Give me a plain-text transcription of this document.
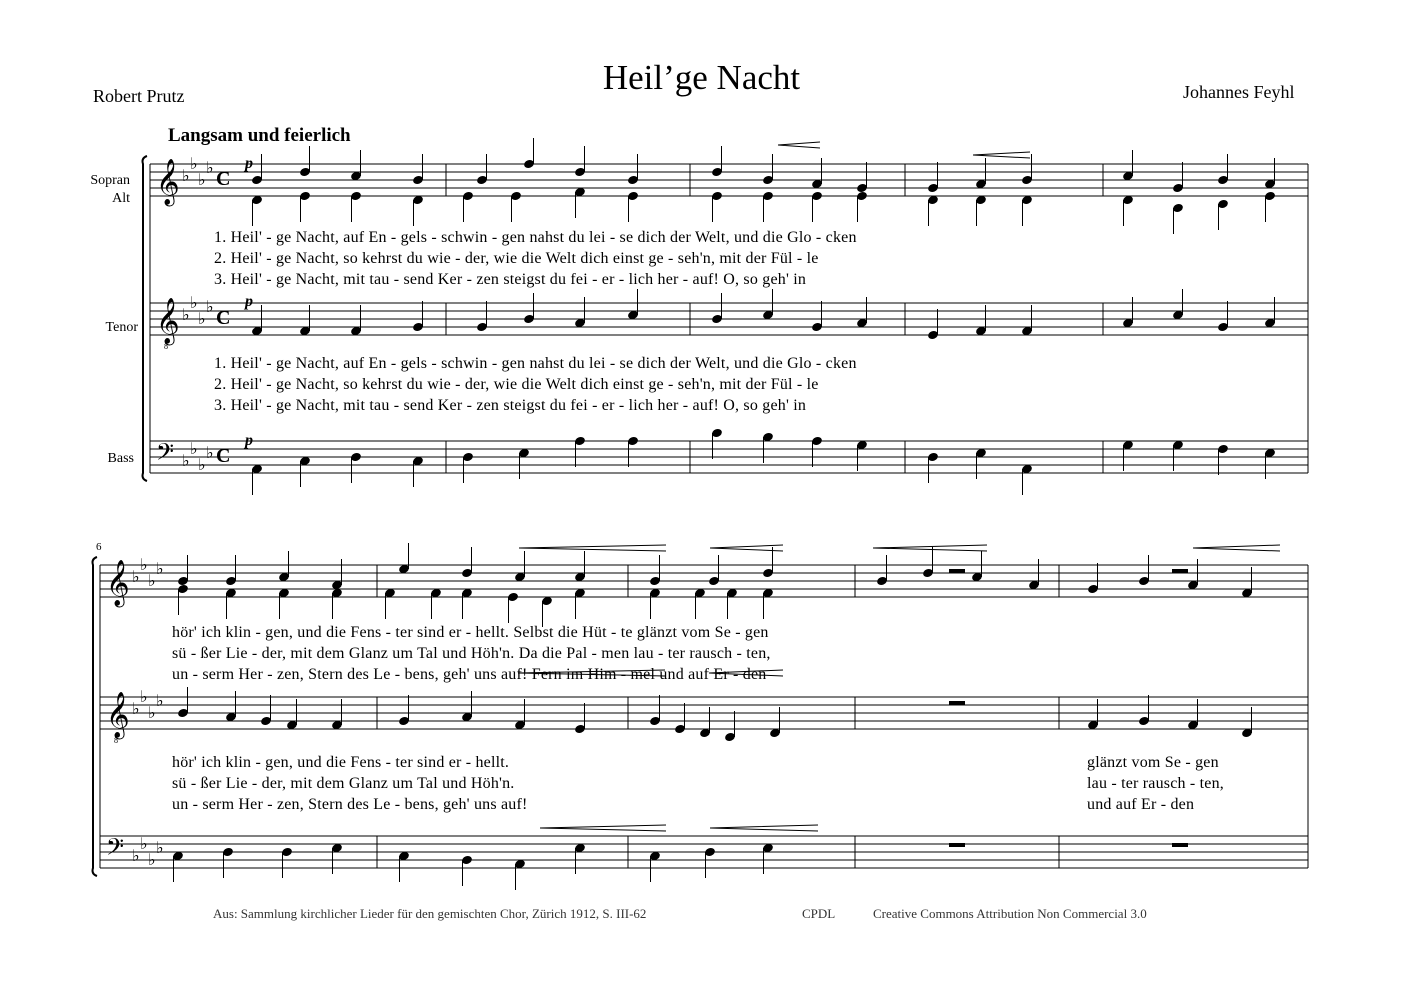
Heil’ge Nacht
Robert Prutz	Johannes Feyhl
Langsam und feierlich
Sopran
Alt
Tenor
Bass
6
1. Heil' - ge Nacht, auf En - gels - schwin - gen nahst du lei - se dich der Welt, und die Glo - cken
2. Heil' - ge Nacht, so kehrst du wie - der, wie die Welt dich einst ge - seh'n, mit der Fül - le
3. Heil' - ge Nacht, mit tau - send Ker - zen steigst du fei - er - lich her - auf! O, so geh' in
1. Heil' - ge Nacht, auf En - gels - schwin - gen nahst du lei - se dich der Welt, und die Glo - cken
2. Heil' - ge Nacht, so kehrst du wie - der, wie die Welt dich einst ge - seh'n, mit der Fül - le
3. Heil' - ge Nacht, mit tau - send Ker - zen steigst du fei - er - lich her - auf! O, so geh' in
hör' ich klin - gen, und die Fens - ter sind er - hellt. Selbst die Hüt - te glänzt vom Se - gen
sü - ßer Lie - der, mit dem Glanz um Tal und Höh'n. Da die Pal - men lau - ter rausch - ten,
un - serm Her - zen, Stern des Le - bens, geh' uns auf! Fern im Him - mel und auf Er - den
hör' ich klin - gen, und die Fens - ter sind er - hellt.
sü - ßer Lie - der, mit dem Glanz um Tal und Höh'n.
un - serm Her - zen, Stern des Le - bens, geh' uns auf!
glänzt vom Se - gen
lau - ter rausch - ten,
und auf Er - den
Aus: Sammlung kirchlicher Lieder für den gemischten Chor, Zürich 1912, S. III-62	CPDL	Creative Commons Attribution Non Commercial 3.0
𝄞 ♭
♭
♭
♭
C
𝄞 ♭
♭
♭
♭
C
8
𝄢 ♭
♭
♭
♭ C
𝄞 ♭
♭
♭
♭
𝄞 ♭
♭
♭
♭
8
𝄢 ♭
♭
♭
♭
p
p
p
